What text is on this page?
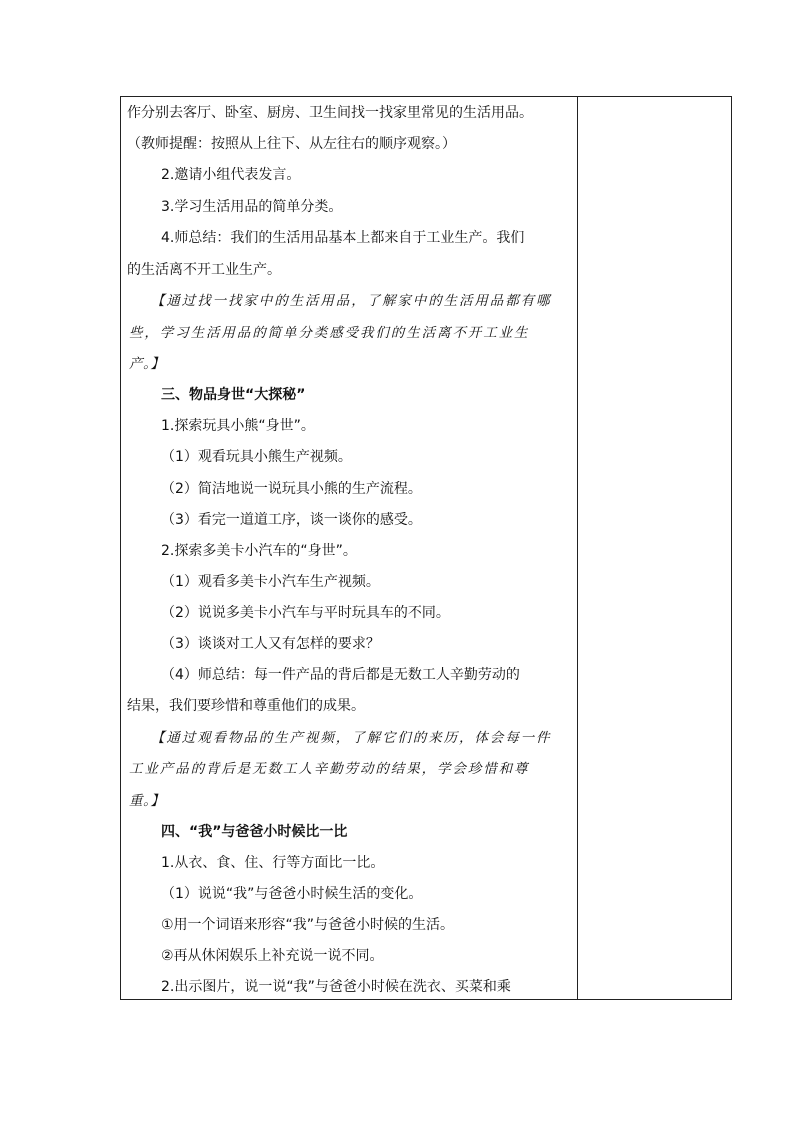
作分别去客厅、卧室、厨房、卫生间找一找家里常见的生活用品。
（教师提醒：按照从上往下、从左往右的顺序观察。）
2.邀请小组代表发言。
3.学习生活用品的简单分类。
4.师总结：我们的生活用品基本上都来自于工业生产。我们
的生活离不开工业生产。
【通过找一找家中的生活用品，了解家中的生活用品都有哪
些，学习生活用品的简单分类感受我们的生活离不开工业生
产。】
三、物品身世“大探秘”
1.探索玩具小熊“身世”。
（1）观看玩具小熊生产视频。
（2）简洁地说一说玩具小熊的生产流程。
（3）看完一道道工序，谈一谈你的感受。
2.探索多美卡小汽车的“身世”。
（1）观看多美卡小汽车生产视频。
（2）说说多美卡小汽车与平时玩具车的不同。
（3）谈谈对工人又有怎样的要求？
（4）师总结：每一件产品的背后都是无数工人辛勤劳动的
结果，我们要珍惜和尊重他们的成果。
【通过观看物品的生产视频，了解它们的来历，体会每一件
工业产品的背后是无数工人辛勤劳动的结果，学会珍惜和尊
重。】
四、“我”与爸爸小时候比一比
1.从衣、食、住、行等方面比一比。
（1）说说“我”与爸爸小时候生活的变化。
①用一个词语来形容“我”与爸爸小时候的生活。
②再从休闲娱乐上补充说一说不同。
2.出示图片，说一说“我”与爸爸小时候在洗衣、买菜和乘
